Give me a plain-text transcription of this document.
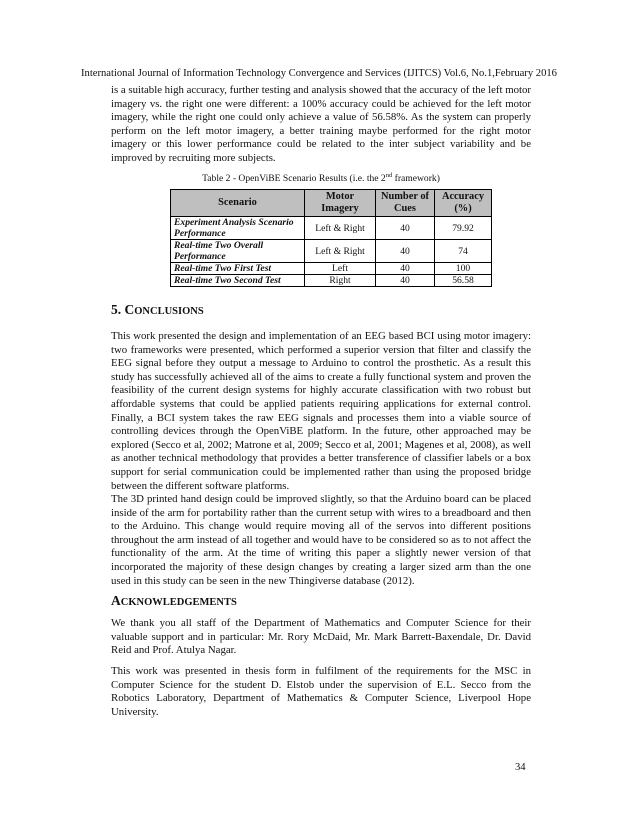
International Journal of Information Technology Convergence and Services (IJITCS) Vol.6, No.1,February 2016
is a suitable high accuracy, further testing and analysis showed that the accuracy of the left motor imagery vs. the right one were different: a 100% accuracy could be achieved for the left motor imagery, while the right one could only achieve a value of 56.58%. As the system can properly perform on the left motor imagery, a better training maybe performed for the right motor imagery or this lower performance could be related to the inter subject variability and be improved by recruiting more subjects.
Table 2 - OpenViBE Scenario Results (i.e. the 2nd framework)
Scenario	Motor Imagery	Number of Cues	Accuracy (%)
Experiment Analysis Scenario Performance	Left & Right	40	79.92
Real-time Two Overall Performance	Left & Right	40	74
Real-time Two First Test	Left	40	100
Real-time Two Second Test	Right	40	56.58
5. CONCLUSIONS
This work presented the design and implementation of an EEG based BCI using motor imagery: two frameworks were presented, which performed a superior version that filter and classify the EEG signal before they output a message to Arduino to control the prosthetic. As a result this study has successfully achieved all of the aims to create a fully functional system and proven the feasibility of the current design systems for highly accurate classification with two robust but affordable systems that could be applied patients requiring applications for external control. Finally, a BCI system takes the raw EEG signals and processes them into a viable source of controlling devices through the OpenViBE platform. In the future, other approached may be explored (Secco et al, 2002; Matrone et al, 2009; Secco et al, 2001; Magenes et al, 2008), as well as another technical methodology that provides a better transference of classifier labels or a box support for serial communication could be implemented rather than using the proposed bridge between the different software platforms.
The 3D printed hand design could be improved slightly, so that the Arduino board can be placed inside of the arm for portability rather than the current setup with wires to a breadboard and then to the Arduino. This change would require moving all of the servos into different positions throughout the arm instead of all together and would have to be considered so as to not affect the functionality of the arm. At the time of writing this paper a slightly newer version of that incorporated the majority of these design changes by creating a larger sized arm than the one used in this study can be seen in the new Thingiverse database (2012).
ACKNOWLEDGEMENTS
We thank you all staff of the Department of Mathematics and Computer Science for their valuable support and in particular: Mr. Rory McDaid, Mr. Mark Barrett-Baxendale, Dr. David Reid and Prof. Atulya Nagar.
This work was presented in thesis form in fulfilment of the requirements for the MSC in Computer Science for the student D. Elstob under the supervision of E.L. Secco from the Robotics Laboratory, Department of Mathematics & Computer Science, Liverpool Hope University.
34
